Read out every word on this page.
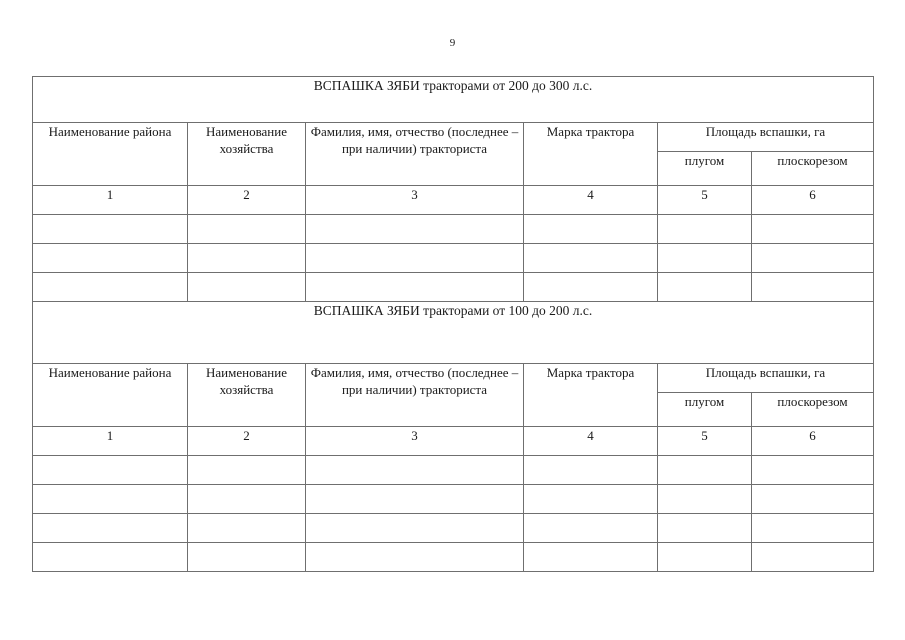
9
ВСПАШКА ЗЯБИ тракторами от 200 до 300 л.с.					
Наименование района	Наименование хозяйства	Фамилия, имя, отчество (последнее – при наличии) тракториста	Марка трактора	Площадь вспашки, га	
				плугом	плоскорезом
1	2	3	4	5	6

ВСПАШКА ЗЯБИ тракторами от 100 до 200 л.с.					
Наименование района	Наименование хозяйства	Фамилия, имя, отчество (последнее – при наличии) тракториста	Марка трактора	Площадь вспашки, га	
				плугом	плоскорезом
1	2	3	4	5	6
